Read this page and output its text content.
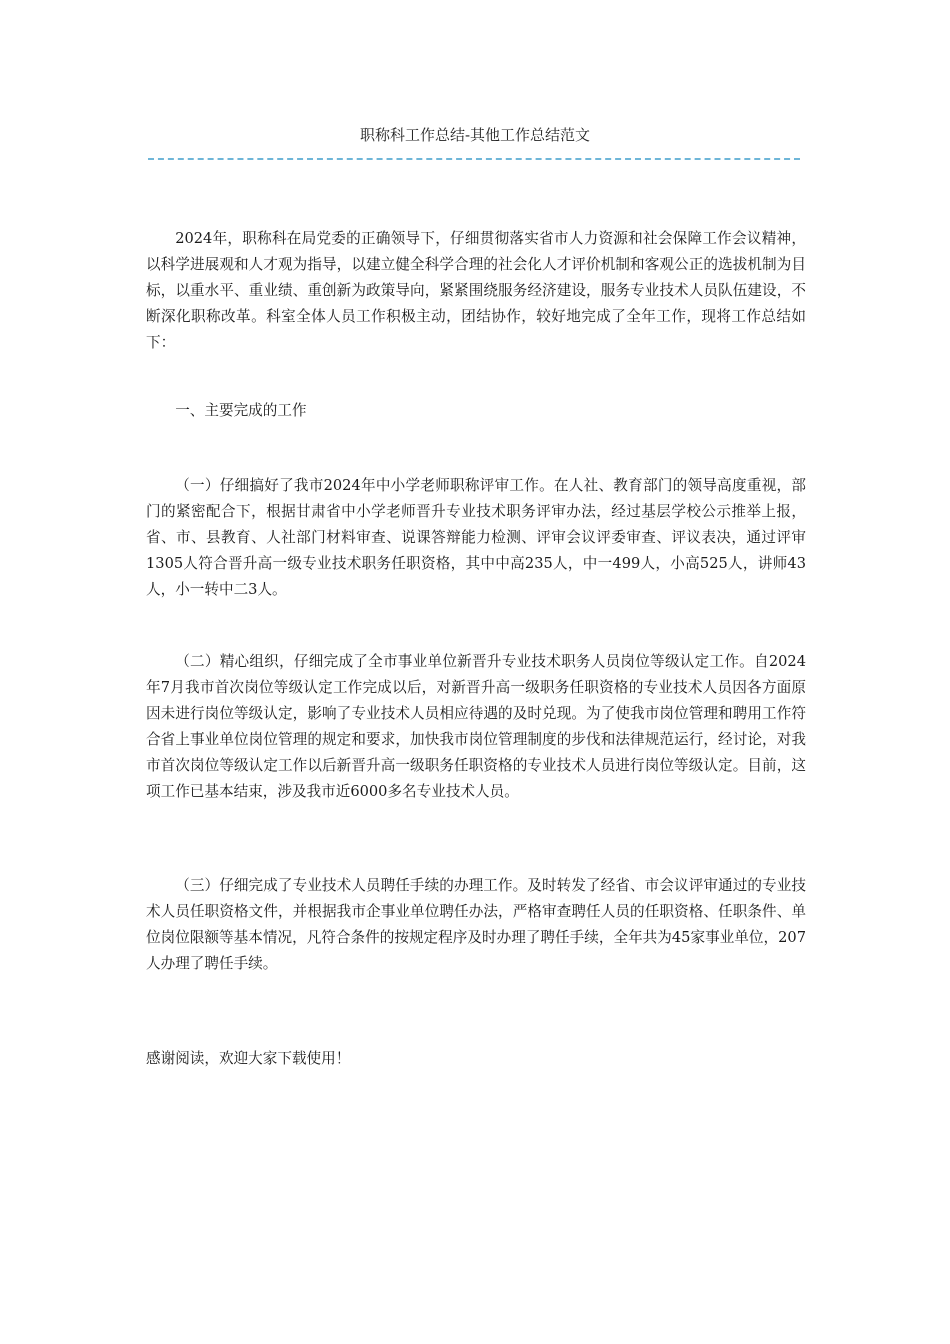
职称科工作总结-其他工作总结范文

2024年，职称科在局党委的正确领导下，仔细贯彻落实省市人力资源和社会保障工作会议精神，以科学进展观和人才观为指导，以建立健全科学合理的社会化人才评价机制和客观公正的选拔机制为目标，以重水平、重业绩、重创新为政策导向，紧紧围绕服务经济建设，服务专业技术人员队伍建设，不断深化职称改革。科室全体人员工作积极主动，团结协作，较好地完成了全年工作，现将工作总结如下：

一、主要完成的工作

（一）仔细搞好了我市2024年中小学老师职称评审工作。在人社、教育部门的领导高度重视，部门的紧密配合下，根据甘肃省中小学老师晋升专业技术职务评审办法，经过基层学校公示推举上报，省、市、县教育、人社部门材料审查、说课答辩能力检测、评审会议评委审查、评议表决，通过评审1305人符合晋升高一级专业技术职务任职资格，其中中高235人，中一499人，小高525人，讲师43人，小一转中二3人。

（二）精心组织，仔细完成了全市事业单位新晋升专业技术职务人员岗位等级认定工作。自2024年7月我市首次岗位等级认定工作完成以后，对新晋升高一级职务任职资格的专业技术人员因各方面原因未进行岗位等级认定，影响了专业技术人员相应待遇的及时兑现。为了使我市岗位管理和聘用工作符合省上事业单位岗位管理的规定和要求，加快我市岗位管理制度的步伐和法律规范运行，经讨论，对我市首次岗位等级认定工作以后新晋升高一级职务任职资格的专业技术人员进行岗位等级认定。目前，这项工作已基本结束，涉及我市近6000多名专业技术人员。

（三）仔细完成了专业技术人员聘任手续的办理工作。及时转发了经省、市会议评审通过的专业技术人员任职资格文件，并根据我市企事业单位聘任办法，严格审查聘任人员的任职资格、任职条件、单位岗位限额等基本情况，凡符合条件的按规定程序及时办理了聘任手续，全年共为45家事业单位，207人办理了聘任手续。

感谢阅读，欢迎大家下载使用！
